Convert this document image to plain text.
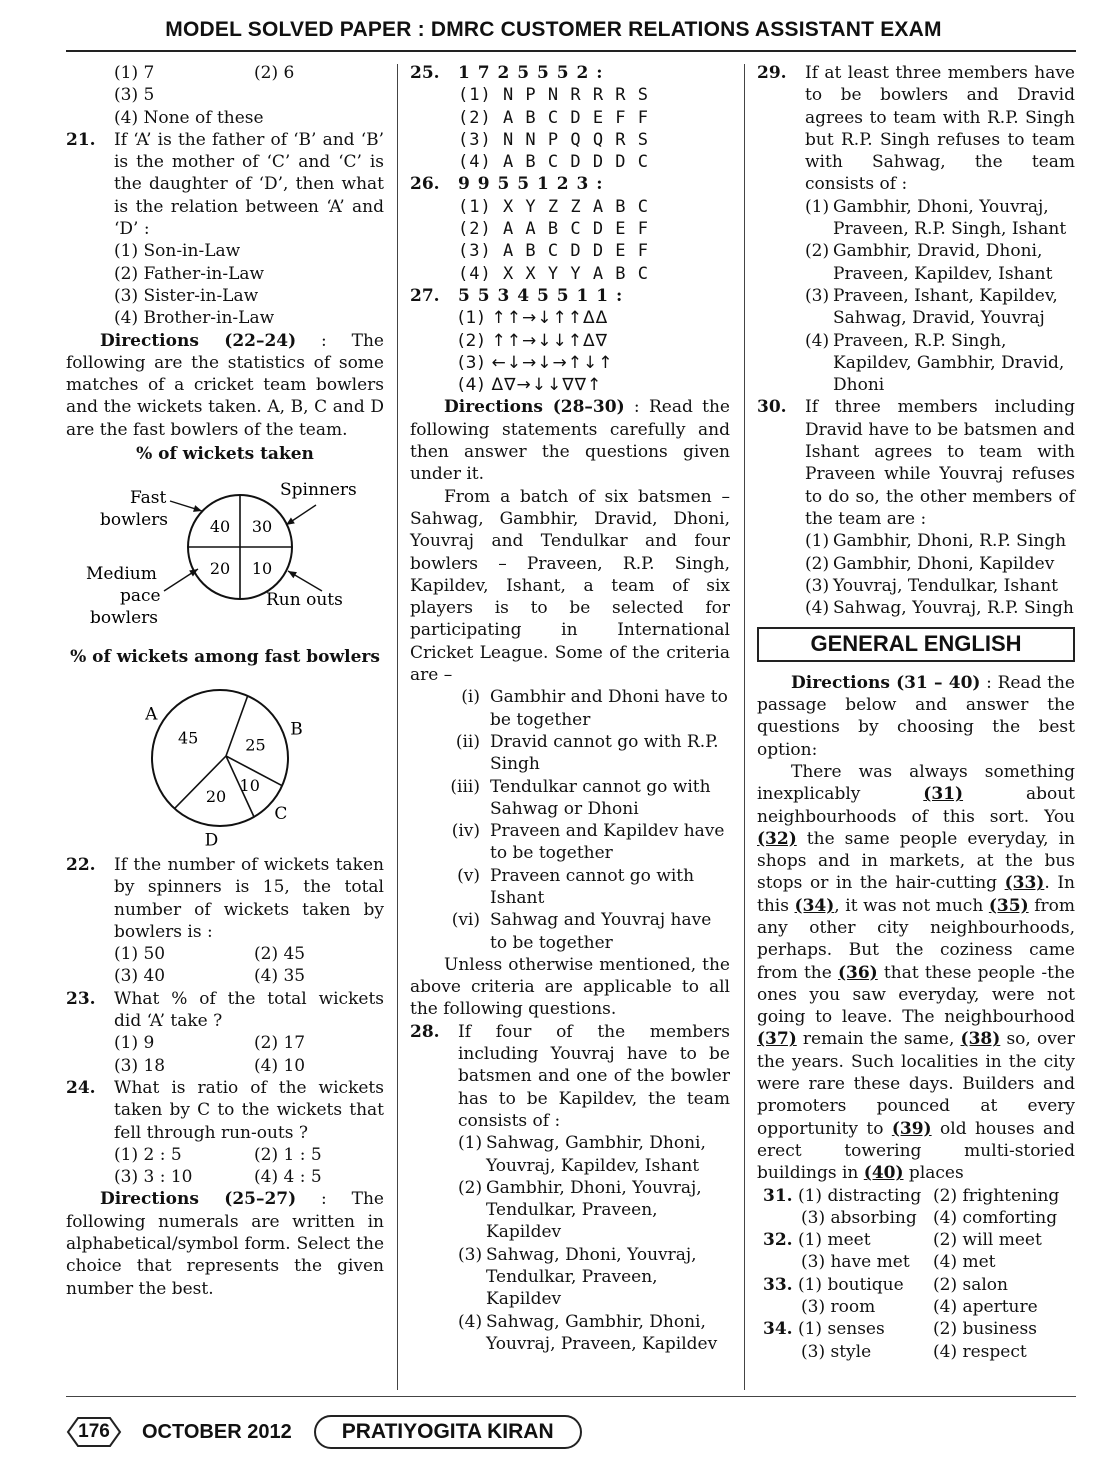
MODEL SOLVED PAPER : DMRC CUSTOMER RELATIONS ASSISTANT EXAM
(1) 7	(2) 6
(3) 5
(4) None of these
21.	If ‘A’ is the father of ‘B’ and ‘B’ is the mother of ‘C’ and ‘C’ is the daughter of ‘D’, then what is the relation between ‘A’ and ‘D’ :
(1) Son-in-Law
(2) Father-in-Law
(3) Sister-in-Law
(4) Brother-in-Law
Directions (22–24) : The following are the statistics of some matches of a cricket team bowlers and the wickets taken. A, B, C and D are the fast bowlers of the team.
% of wickets taken
40 30
20 10
Fast
bowlers
Spinners
Medium
pace
bowlers
Run outs
% of wickets among fast bowlers
45	25
10
20
A
B
C
D
22.	If the number of wickets taken by spinners is 15, the total number of wickets taken by bowlers is :
(1) 50	(2) 45
(3) 40	(4) 35
23.	What % of the total wickets did ‘A’ take ?
(1) 9	(2) 17
(3) 18	(4) 10
24.	What is ratio of the wickets taken by C to the wickets that fell through run-outs ?
(1) 2 : 5	(2) 1 : 5
(3) 3 : 10	(4) 4 : 5
Directions (25–27) : The following numerals are written in alphabetical/symbol form. Select the choice that represents the given number the best.
25.	1 7 2 5 5 5 2 :
(1) N P N R R R S
(2) A B C D E F F
(3) N N P Q Q R S
(4) A B C D D D C
26.	9 9 5 5 1 2 3 :
(1) X Y Z Z A B C
(2) A A B C D E F
(3) A B C D D E F
(4) X X Y Y A B C
27.	5 5 3 4 5 5 1 1 :
(1) ↑↑→↓↑↑ΔΔ
(2) ↑↑→↓↓↑Δ∇
(3) ←↓→↓→↑↓↑
(4) Δ∇→↓↓∇∇↑
Directions (28–30) : Read the following statements carefully and then answer the questions given under it.
From a batch of six batsmen – Sahwag, Gambhir, Dravid, Dhoni, Youvraj and Tendulkar and four bowlers – Praveen, R.P. Singh, Kapildev, Ishant, a team of six players is to be selected for participating in International Cricket League. Some of the criteria are –
(i) Gambhir and Dhoni have to be together
(ii) Dravid cannot go with R.P. Singh
(iii) Tendulkar cannot go with Sahwag or Dhoni
(iv) Praveen and Kapildev have to be together
(v) Praveen cannot go with Ishant
(vi) Sahwag and Youvraj have to be together
Unless otherwise mentioned, the above criteria are applicable to all the following questions.
28.	If four of the members including Youvraj have to be batsmen and one of the bowler has to be Kapildev, the team consists of :
(1) Sahwag, Gambhir, Dhoni, Youvraj, Kapildev, Ishant
(2) Gambhir, Dhoni, Youvraj, Tendulkar, Praveen, Kapildev
(3) Sahwag, Dhoni, Youvraj, Tendulkar, Praveen, Kapildev
(4) Sahwag, Gambhir, Dhoni, Youvraj, Praveen, Kapildev
29.	If at least three members have to be bowlers and Dravid agrees to team with R.P. Singh but R.P. Singh refuses to team with Sahwag, the team consists of :
(1) Gambhir, Dhoni, Youvraj, Praveen, R.P. Singh, Ishant
(2) Gambhir, Dravid, Dhoni, Praveen, Kapildev, Ishant
(3) Praveen, Ishant, Kapildev, Sahwag, Dravid, Youvraj
(4) Praveen, R.P. Singh, Kapildev, Gambhir, Dravid, Dhoni
30.	If three members including Dravid have to be batsmen and Ishant agrees to team with Praveen while Youvraj refuses to do so, the other members of the team are :
(1) Gambhir, Dhoni, R.P. Singh
(2) Gambhir, Dhoni, Kapildev
(3) Youvraj, Tendulkar, Ishant
(4) Sahwag, Youvraj, R.P. Singh
GENERAL ENGLISH
Directions (31 – 40) : Read the passage below and answer the questions by choosing the best option:
There was always something inexplicably (31) about neighbourhoods of this sort. You (32) the same people everyday, in shops and in markets, at the bus stops or in the hair-cutting (33). In this (34), it was not much (35) from any other city neighbourhoods, perhaps. But the coziness came from the (36) that these people -the ones you saw everyday, were not going to leave. The neighbourhood (37) remain the same, (38) so, over the years. Such localities in the city were rare these days. Builders and promoters pounced at every opportunity to (39) old houses and erect towering multi-storied buildings in (40) places
31. (1) distracting (2) frightening
(3) absorbing (4) comforting
32. (1) meet	(2) will meet
(3) have met	(4) met
33. (1) boutique	(2) salon
(3) room	(4) aperture
34. (1) senses	(2) business
(3) style	(4) respect
176	OCTOBER 2012	PRATIYOGITA KIRAN
